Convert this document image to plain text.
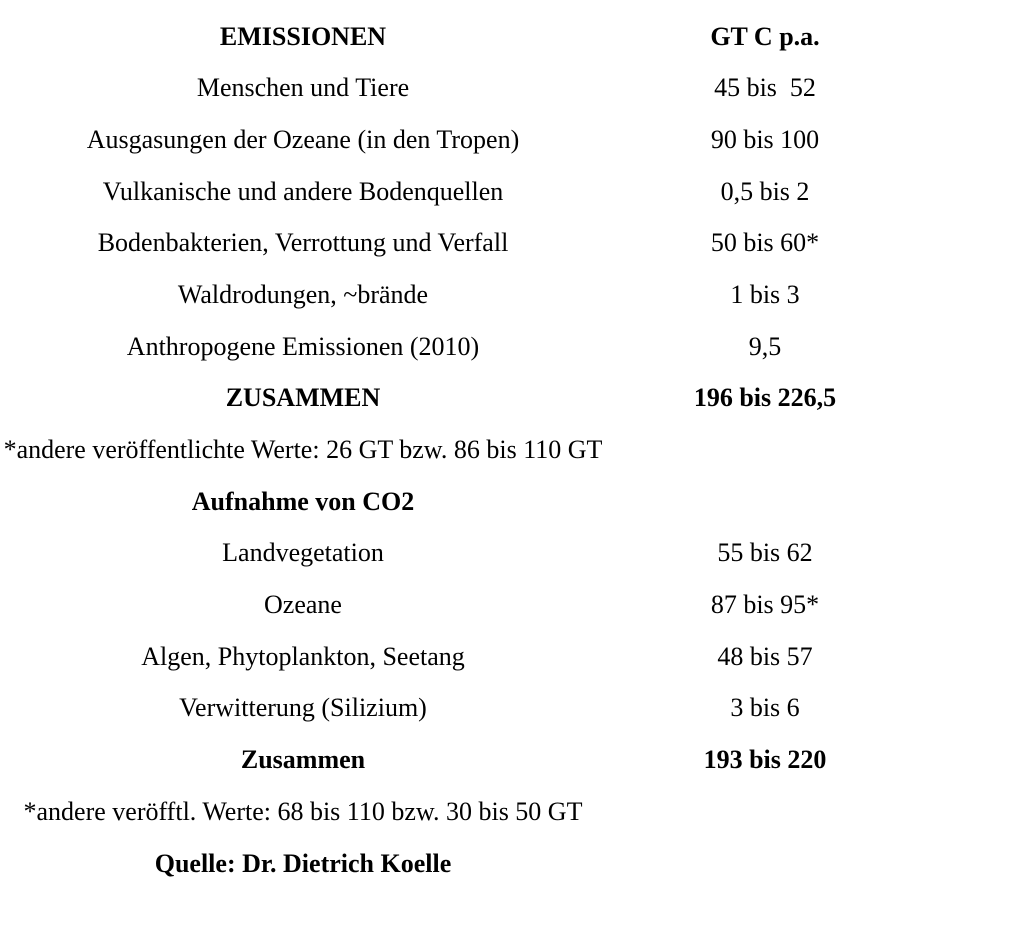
EMISSIONEN	GT C p.a.
Menschen und Tiere	45 bis  52
Ausgasungen der Ozeane (in den Tropen)	90 bis 100
Vulkanische und andere Bodenquellen	0,5 bis 2
Bodenbakterien, Verrottung und Verfall	50 bis 60*
Waldrodungen, ~brände	1 bis 3
Anthropogene Emissionen (2010)	9,5
ZUSAMMEN	196 bis 226,5
*andere veröffentlichte Werte: 26 GT bzw. 86 bis 110 GT
Aufnahme von CO2
Landvegetation	55 bis 62
Ozeane	87 bis 95*
Algen, Phytoplankton, Seetang	48 bis 57
Verwitterung (Silizium)	3 bis 6
Zusammen	193 bis 220
*andere veröfftl. Werte: 68 bis 110 bzw. 30 bis 50 GT
Quelle: Dr. Dietrich Koelle
